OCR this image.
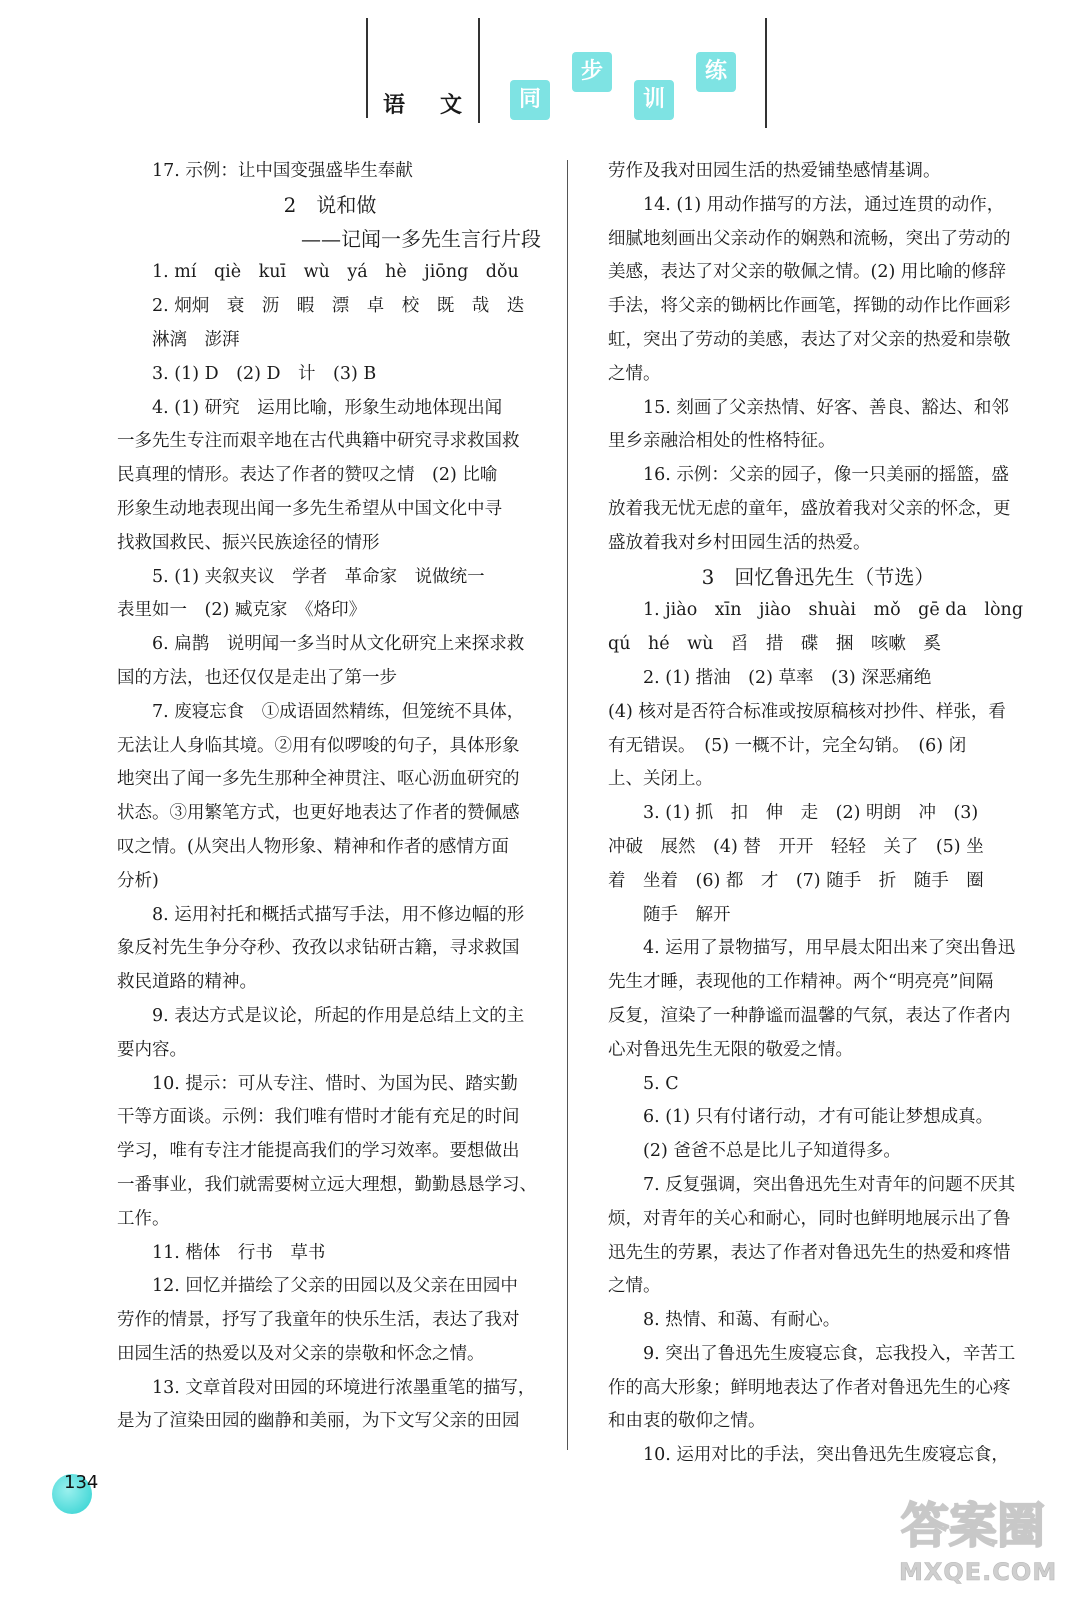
语 文	同
步
训
练

17. 示例：让中国变强盛毕生奉献

2　说和做

——记闻一多先生言行片段

1. mí　qiè　kuī　wù　yá　hè　jiōng　dǒu

2. 炯炯　衰　沥　暇　漂　卓　校　既　哉　迭

淋漓　澎湃

3. (1) D　(2) D　计　(3) B

4. (1) 研究　运用比喻，形象生动地体现出闻

一多先生专注而艰辛地在古代典籍中研究寻求救国救

民真理的情形。表达了作者的赞叹之情　(2) 比喻

形象生动地表现出闻一多先生希望从中国文化中寻

找救国救民、振兴民族途径的情形

5. (1) 夹叙夹议　学者　革命家　说做统一

表里如一　(2) 臧克家　《烙印》

6. 扁鹊　说明闻一多当时从文化研究上来探求救

国的方法，也还仅仅是走出了第一步

7. 废寝忘食　①成语固然精练，但笼统不具体，

无法让人身临其境。②用有似啰唆的句子，具体形象

地突出了闻一多先生那种全神贯注、呕心沥血研究的

状态。③用繁笔方式，也更好地表达了作者的赞佩感

叹之情。(从突出人物形象、精神和作者的感情方面

分析)

8. 运用衬托和概括式描写手法，用不修边幅的形

象反衬先生争分夺秒、孜孜以求钻研古籍，寻求救国

救民道路的精神。

9. 表达方式是议论，所起的作用是总结上文的主

要内容。

10. 提示：可从专注、惜时、为国为民、踏实勤

干等方面谈。示例：我们唯有惜时才能有充足的时间

学习，唯有专注才能提高我们的学习效率。要想做出

一番事业，我们就需要树立远大理想，勤勤恳恳学习、

工作。

11. 楷体　行书　草书

12. 回忆并描绘了父亲的田园以及父亲在田园中

劳作的情景，抒写了我童年的快乐生活，表达了我对

田园生活的热爱以及对父亲的崇敬和怀念之情。

13. 文章首段对田园的环境进行浓墨重笔的描写，

是为了渲染田园的幽静和美丽，为下文写父亲的田园

劳作及我对田园生活的热爱铺垫感情基调。

14. (1) 用动作描写的方法，通过连贯的动作，

细腻地刻画出父亲动作的娴熟和流畅，突出了劳动的

美感，表达了对父亲的敬佩之情。(2) 用比喻的修辞

手法，将父亲的锄柄比作画笔，挥锄的动作比作画彩

虹，突出了劳动的美感，表达了对父亲的热爱和崇敬

之情。

15. 刻画了父亲热情、好客、善良、豁达、和邻

里乡亲融洽相处的性格特征。

16. 示例：父亲的园子，像一只美丽的摇篮，盛

放着我无忧无虑的童年，盛放着我对父亲的怀念，更

盛放着我对乡村田园生活的热爱。

3　回忆鲁迅先生（节选）

1. jiào　xīn　jiào　shuài　mǒ　gē da　lòng

qú　hé　wù　舀　措　碟　捆　咳嗽　奚

2. (1) 揩油　(2) 草率　(3) 深恶痛绝

(4) 核对是否符合标准或按原稿核对抄件、样张，看

有无错误。　(5) 一概不计，完全勾销。　(6) 闭

上、关闭上。

3. (1) 抓　扣　伸　走　(2) 明朗　冲　(3)

冲破　展然　(4) 替　开开　轻轻　关了　(5) 坐

着　坐着　(6) 都　才　(7) 随手　折　随手　圈

随手　解开

4. 运用了景物描写，用早晨太阳出来了突出鲁迅

先生才睡，表现他的工作精神。两个“明亮亮”间隔

反复，渲染了一种静谧而温馨的气氛，表达了作者内

心对鲁迅先生无限的敬爱之情。

5. C

6. (1) 只有付诸行动，才有可能让梦想成真。

(2) 爸爸不总是比儿子知道得多。

7. 反复强调，突出鲁迅先生对青年的问题不厌其

烦，对青年的关心和耐心，同时也鲜明地展示出了鲁

迅先生的劳累，表达了作者对鲁迅先生的热爱和疼惜

之情。

8. 热情、和蔼、有耐心。

9. 突出了鲁迅先生废寝忘食，忘我投入，辛苦工

作的高大形象；鲜明地表达了作者对鲁迅先生的心疼

和由衷的敬仰之情。

10. 运用对比的手法，突出鲁迅先生废寝忘食，

134
答案圈
MXQE.COM
